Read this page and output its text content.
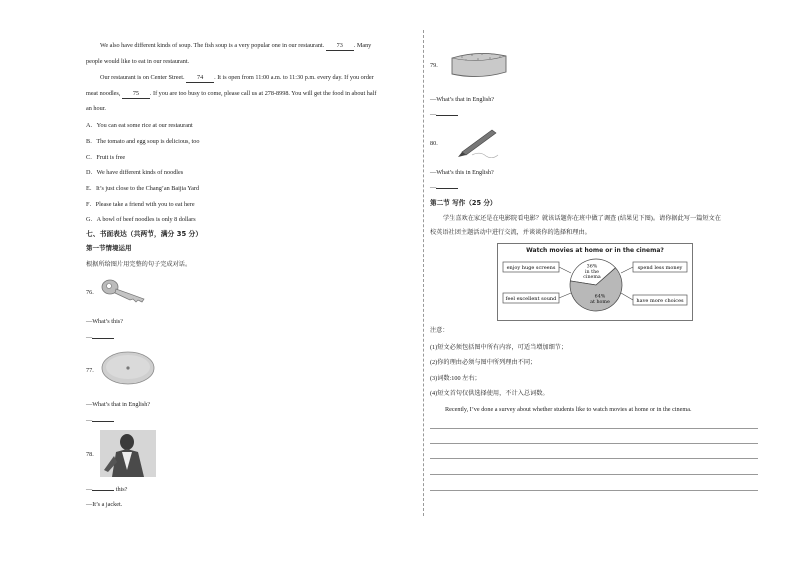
We also have different kinds of soup. The fish soup is a very popular one in our restaurant. 73 . Many
people would like to eat in our restaurant.
Our restaurant is on Center Street. 74 . It is open from 11:00 a.m. to 11:30 p.m. every day. If you order
meat noodles, 75 . If you are too busy to come, please call us at 278-8998. You will get the food in about half
an hour.
A．You can eat some rice at our restaurant
B．The tomato and egg soup is delicious, too
C．Fruit is free
D．We have different kinds of noodles
E．It’s just close to the Chang’an Baijia Yard
F．Please take a friend with you to eat here
G．A bowl of beef noodles is only 8 dollars
七、书面表达（共两节，满分 35 分）
第一节情境运用
根据所给图片用完整的句子完成对话。
76.
—What’s this?
—
77.
—What’s that in English?
—
78.
—	this?
—It’s a jacket.
79.
—What’s that in English?
—
80.
—What’s this in English?
—
第二节 写作（25 分）
学生喜欢在家还是在电影院看电影？就该话题你在班中做了调查 (结果见下图)。请你据此写一篇短文在
校英语社团主题活动中进行交流，并谈谈你的选择和理由。
Watch movies at home or in the cinema?
36% in the cinema
64% at home
enjoy huge screens
feel excellent sound
spend less money
have more choices
注意：
(1)短文必须包括图中所有内容，可适当增加细节；
(2)你的理由必须与图中所列理由不同；
(3)词数:100 左右；
(4)短文首句仅供选择使用，不计入总词数。
Recently, I’ve done a survey about whether students like to watch movies at home or in the cinema.
